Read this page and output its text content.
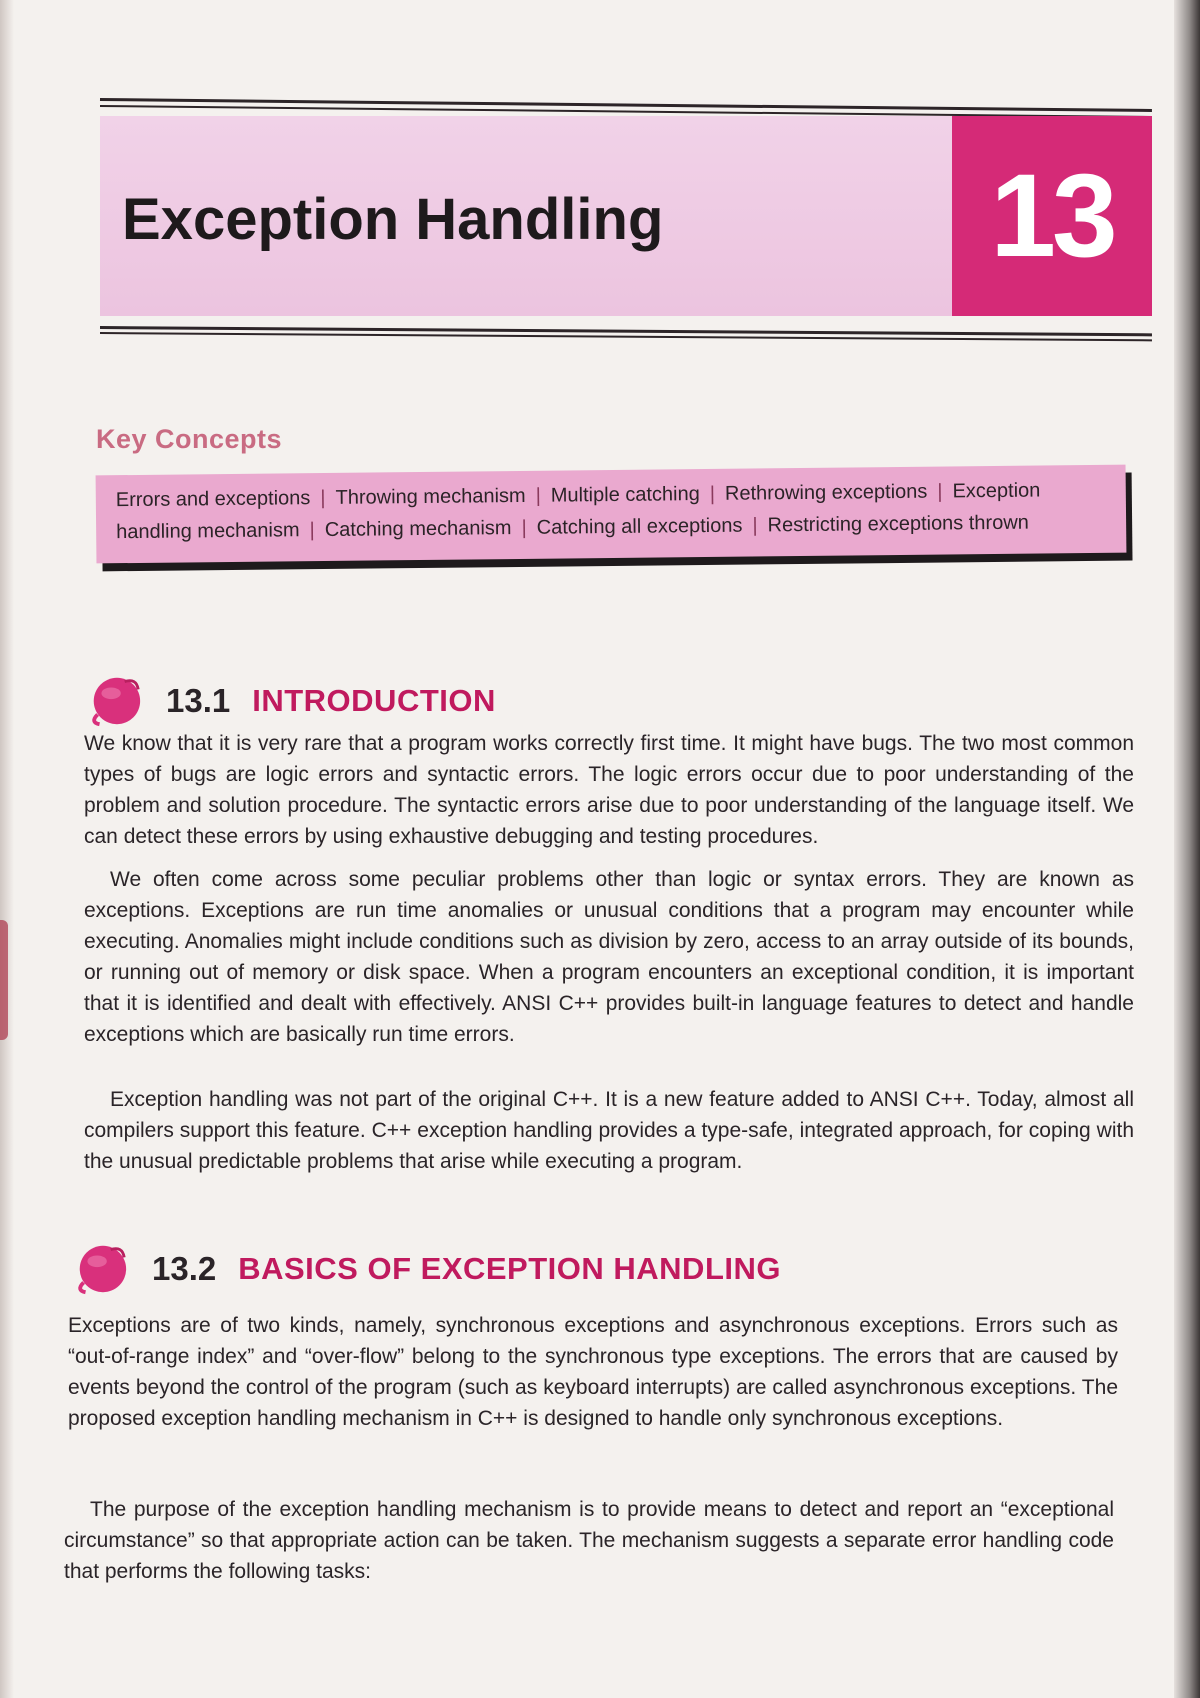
Exception Handling	13
Key Concepts
Errors and exceptions | Throwing mechanism | Multiple catching | Rethrowing exceptions | Exception
handling mechanism | Catching mechanism | Catching all exceptions | Restricting exceptions thrown
13.1 INTRODUCTION

We know that it is very rare that a program works correctly first time. It might have bugs. The two most common types of bugs are logic errors and syntactic errors. The logic errors occur due to poor understanding of the problem and solution procedure. The syntactic errors arise due to poor understanding of the language itself. We can detect these errors by using exhaustive debugging and testing procedures.

We often come across some peculiar problems other than logic or syntax errors. They are known as exceptions. Exceptions are run time anomalies or unusual conditions that a program may encounter while executing. Anomalies might include conditions such as division by zero, access to an array outside of its bounds, or running out of memory or disk space. When a program encounters an exceptional condition, it is important that it is identified and dealt with effectively. ANSI C++ provides built-in language features to detect and handle exceptions which are basically run time errors.

Exception handling was not part of the original C++. It is a new feature added to ANSI C++. Today, almost all compilers support this feature. C++ exception handling provides a type-safe, integrated approach, for coping with the unusual predictable problems that arise while executing a program.

13.2 BASICS OF EXCEPTION HANDLING

Exceptions are of two kinds, namely, synchronous exceptions and asynchronous exceptions. Errors such as “out-of-range index” and “over-flow” belong to the synchronous type exceptions. The errors that are caused by events beyond the control of the program (such as keyboard interrupts) are called asynchronous exceptions. The proposed exception handling mechanism in C++ is designed to handle only synchronous exceptions.

The purpose of the exception handling mechanism is to provide means to detect and report an “exceptional circumstance” so that appropriate action can be taken. The mechanism suggests a separate error handling code that performs the following tasks:
